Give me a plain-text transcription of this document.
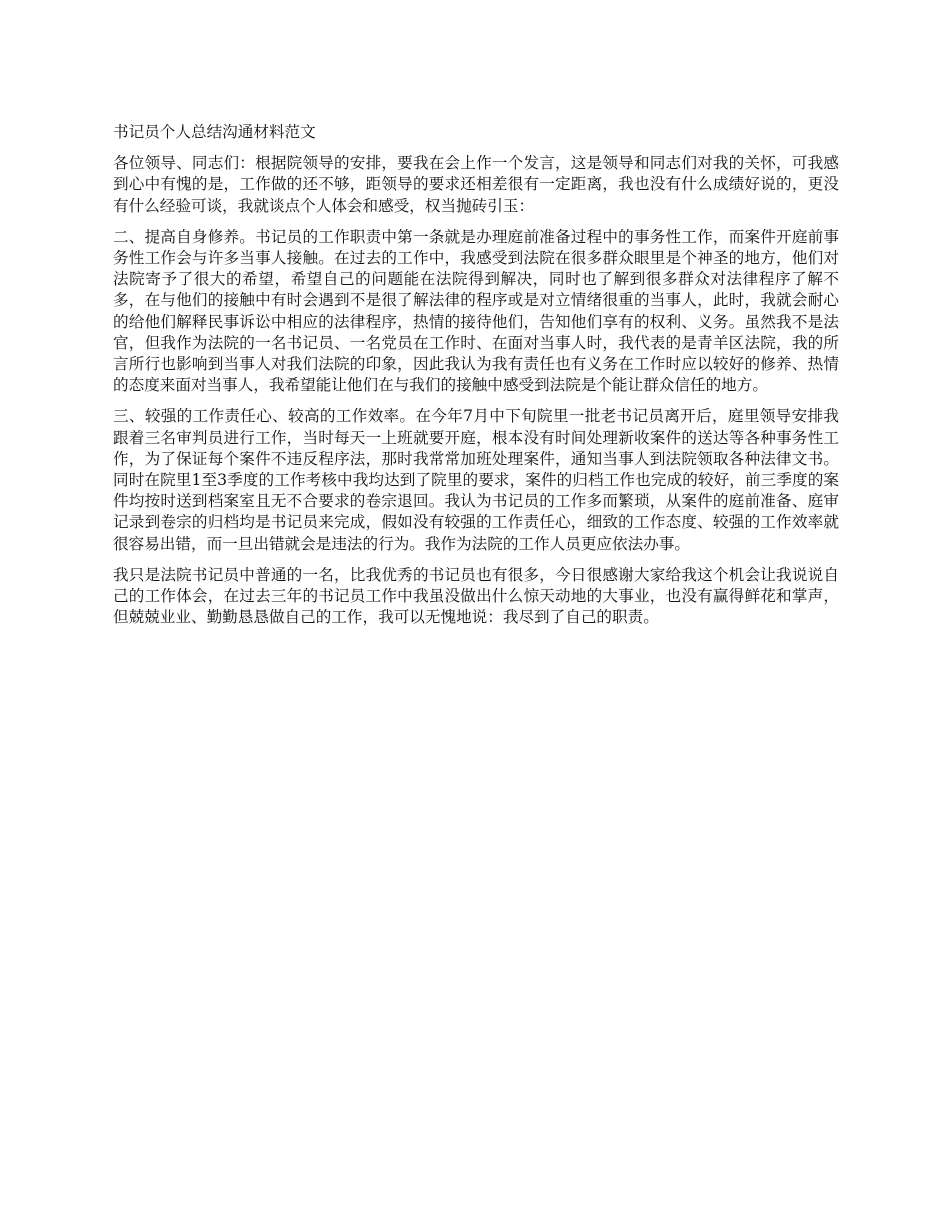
书记员个人总结沟通材料范文

各位领导、同志们：根据院领导的安排，要我在会上作一个发言，这是领导和同志们对我的关怀，可我感到心中有愧的是，工作做的还不够，距领导的要求还相差很有一定距离，我也没有什么成绩好说的，更没有什么经验可谈，我就谈点个人体会和感受，权当抛砖引玉：

二、提高自身修养。书记员的工作职责中第一条就是办理庭前准备过程中的事务性工作，而案件开庭前事务性工作会与许多当事人接触。在过去的工作中，我感受到法院在很多群众眼里是个神圣的地方，他们对法院寄予了很大的希望，希望自己的问题能在法院得到解决，同时也了解到很多群众对法律程序了解不多，在与他们的接触中有时会遇到不是很了解法律的程序或是对立情绪很重的当事人，此时，我就会耐心的给他们解释民事诉讼中相应的法律程序，热情的接待他们，告知他们享有的权利、义务。虽然我不是法官，但我作为法院的一名书记员、一名党员在工作时、在面对当事人时，我代表的是青羊区法院，我的所言所行也影响到当事人对我们法院的印象，因此我认为我有责任也有义务在工作时应以较好的修养、热情的态度来面对当事人，我希望能让他们在与我们的接触中感受到法院是个能让群众信任的地方。

三、较强的工作责任心、较高的工作效率。在今年7月中下旬院里一批老书记员离开后，庭里领导安排我跟着三名审判员进行工作，当时每天一上班就要开庭，根本没有时间处理新收案件的送达等各种事务性工作，为了保证每个案件不违反程序法，那时我常常加班处理案件，通知当事人到法院领取各种法律文书。同时在院里1至3季度的工作考核中我均达到了院里的要求，案件的归档工作也完成的较好，前三季度的案件均按时送到档案室且无不合要求的卷宗退回。我认为书记员的工作多而繁琐，从案件的庭前准备、庭审记录到卷宗的归档均是书记员来完成，假如没有较强的工作责任心，细致的工作态度、较强的工作效率就很容易出错，而一旦出错就会是违法的行为。我作为法院的工作人员更应依法办事。

我只是法院书记员中普通的一名，比我优秀的书记员也有很多，今日很感谢大家给我这个机会让我说说自己的工作体会，在过去三年的书记员工作中我虽没做出什么惊天动地的大事业，也没有赢得鲜花和掌声，但兢兢业业、勤勤恳恳做自己的工作，我可以无愧地说：我尽到了自己的职责。
